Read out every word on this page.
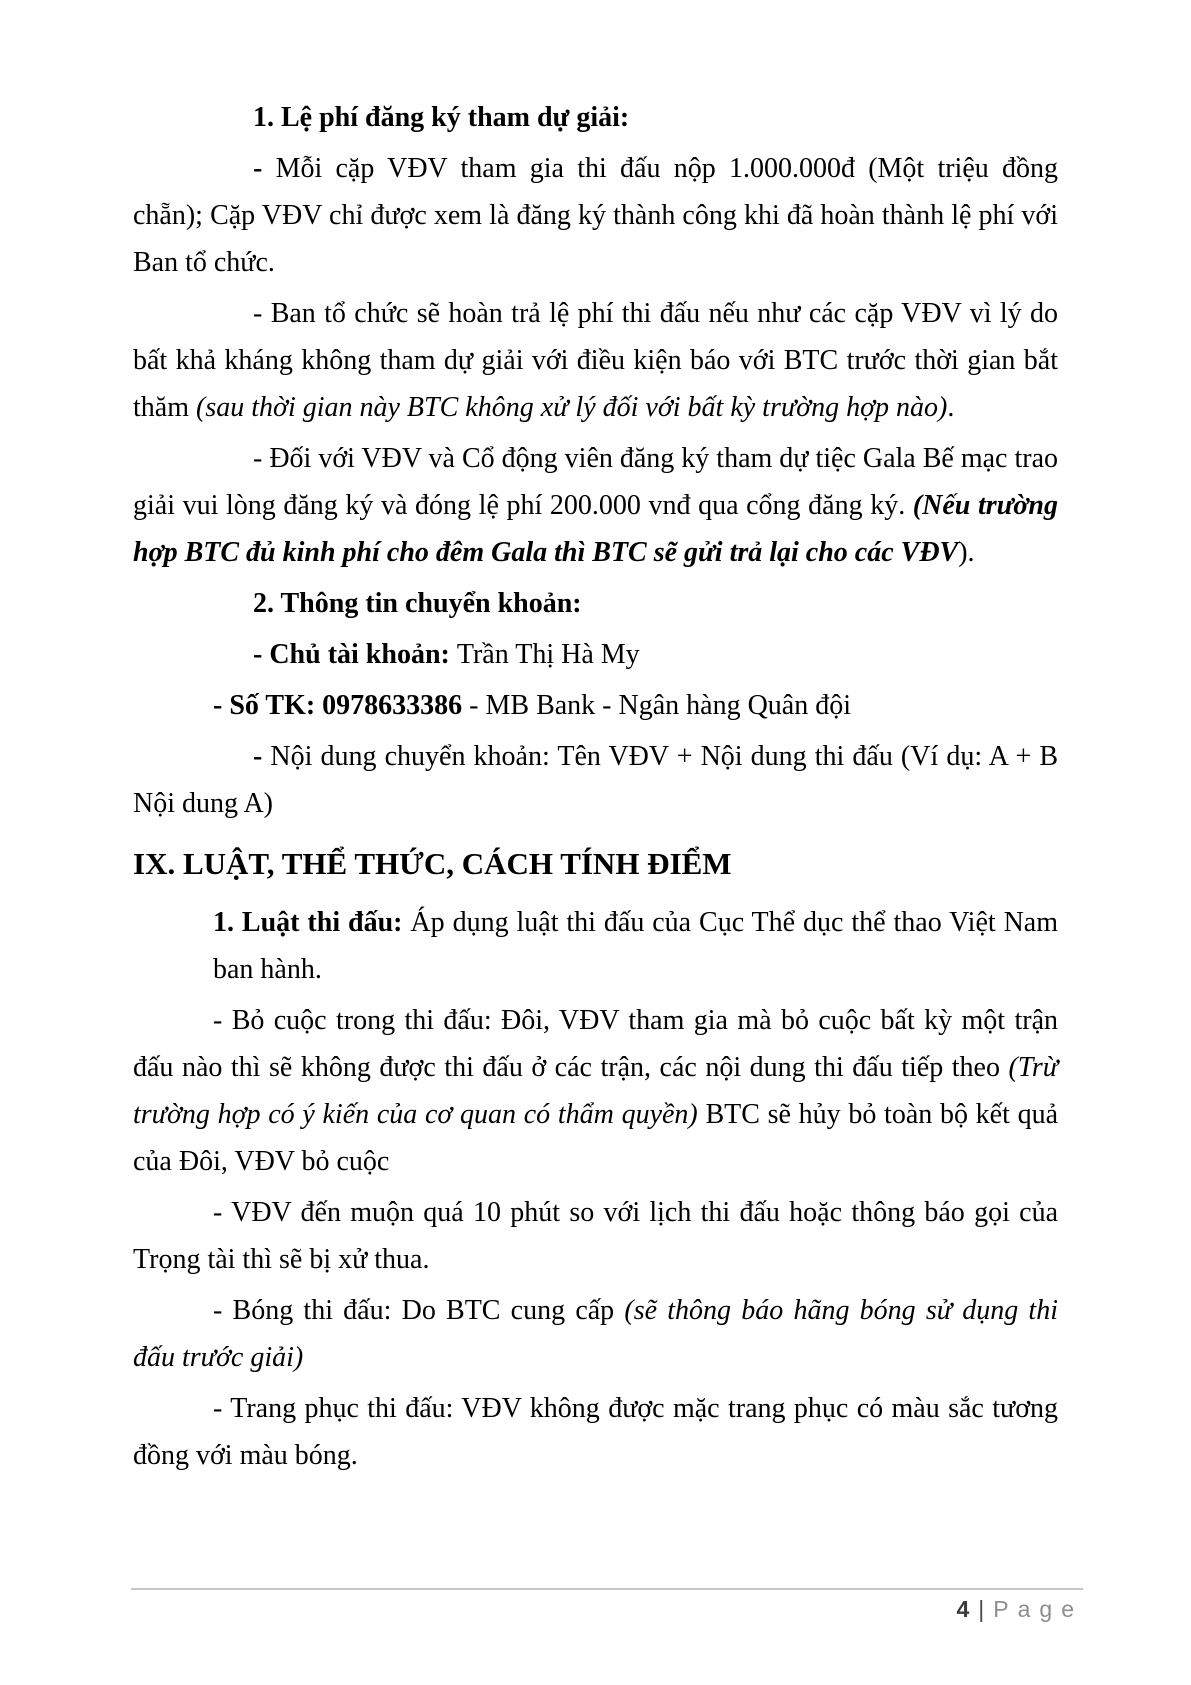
1. Lệ phí đăng ký tham dự giải:

- Mỗi cặp VĐV tham gia thi đấu nộp 1.000.000đ (Một triệu đồng chẵn); Cặp VĐV chỉ được xem là đăng ký thành công khi đã hoàn thành lệ phí với Ban tổ chức.

- Ban tổ chức sẽ hoàn trả lệ phí thi đấu nếu như các cặp VĐV vì lý do bất khả kháng không tham dự giải với điều kiện báo với BTC trước thời gian bắt thăm (sau thời gian này BTC không xử lý đối với bất kỳ trường hợp nào).

- Đối với VĐV và Cổ động viên đăng ký tham dự tiệc Gala Bế mạc trao giải vui lòng đăng ký và đóng lệ phí 200.000 vnđ qua cổng đăng ký. (Nếu trường hợp BTC đủ kinh phí cho đêm Gala thì BTC sẽ gửi trả lại cho các VĐV).

2. Thông tin chuyển khoản:

- Chủ tài khoản: Trần Thị Hà My

- Số TK: 0978633386 - MB Bank - Ngân hàng Quân đội

- Nội dung chuyển khoản: Tên VĐV + Nội dung thi đấu (Ví dụ: A + B Nội dung A)

IX. LUẬT, THỂ THỨC, CÁCH TÍNH ĐIỂM

1. Luật thi đấu: Áp dụng luật thi đấu của Cục Thể dục thể thao Việt Nam ban hành.

- Bỏ cuộc trong thi đấu: Đôi, VĐV tham gia mà bỏ cuộc bất kỳ một trận đấu nào thì sẽ không được thi đấu ở các trận, các nội dung thi đấu tiếp theo (Trừ trường hợp có ý kiến của cơ quan có thẩm quyền) BTC sẽ hủy bỏ toàn bộ kết quả của Đôi, VĐV bỏ cuộc

- VĐV đến muộn quá 10 phút so với lịch thi đấu hoặc thông báo gọi của Trọng tài thì sẽ bị xử thua.

- Bóng thi đấu: Do BTC cung cấp (sẽ thông báo hãng bóng sử dụng thi đấu trước giải)

- Trang phục thi đấu: VĐV không được mặc trang phục có màu sắc tương đồng với màu bóng.

4|Page
